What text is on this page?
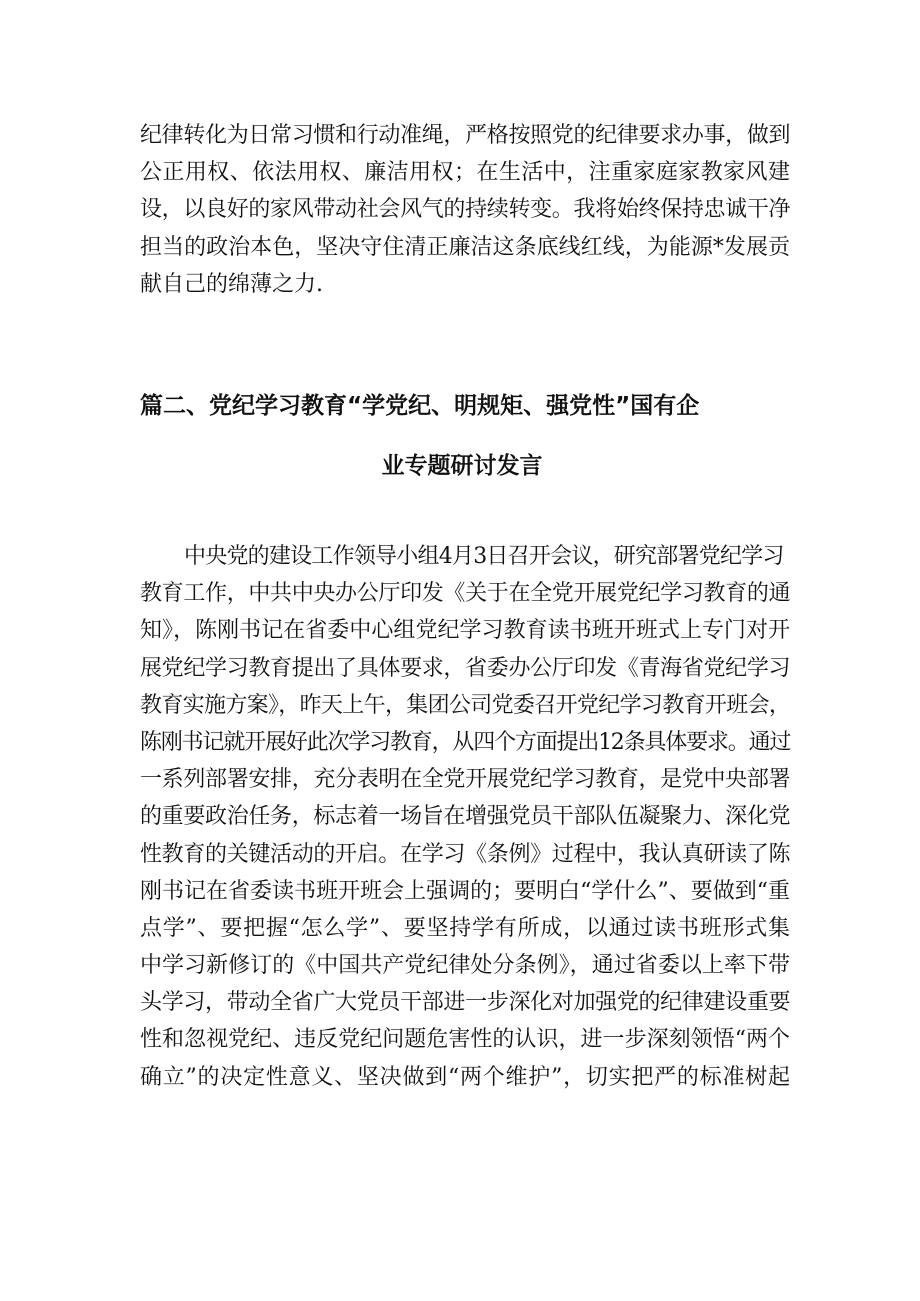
纪律转化为日常习惯和行动准绳，严格按照党的纪律要求办事，做到
公正用权、依法用权、廉洁用权；在生活中，注重家庭家教家风建
设，以良好的家风带动社会风气的持续转变。我将始终保持忠诚干净
担当的政治本色，坚决守住清正廉洁这条底线红线，为能源*发展贡
献自己的绵薄之力.
篇二、党纪学习教育“学党纪、明规矩、强党性”国有企
业专题研讨发言
中央党的建设工作领导小组4月3日召开会议，研究部署党纪学习
教育工作，中共中央办公厅印发《关于在全党开展党纪学习教育的通
知》，陈刚书记在省委中心组党纪学习教育读书班开班式上专门对开
展党纪学习教育提出了具体要求，省委办公厅印发《青海省党纪学习
教育实施方案》，昨天上午，集团公司党委召开党纪学习教育开班会，
陈刚书记就开展好此次学习教育，从四个方面提出12条具体要求。通过
一系列部署安排，充分表明在全党开展党纪学习教育，是党中央部署
的重要政治任务，标志着一场旨在增强党员干部队伍凝聚力、深化党
性教育的关键活动的开启。在学习《条例》过程中，我认真研读了陈
刚书记在省委读书班开班会上强调的；要明白“学什么”、要做到“重
点学”、要把握“怎么学”、要坚持学有所成，以通过读书班形式集
中学习新修订的《中国共产党纪律处分条例》，通过省委以上率下带
头学习，带动全省广大党员干部进一步深化对加强党的纪律建设重要
性和忽视党纪、违反党纪问题危害性的认识，进一步深刻领悟“两个
确立”的决定性意义、坚决做到“两个维护”，切实把严的标准树起
